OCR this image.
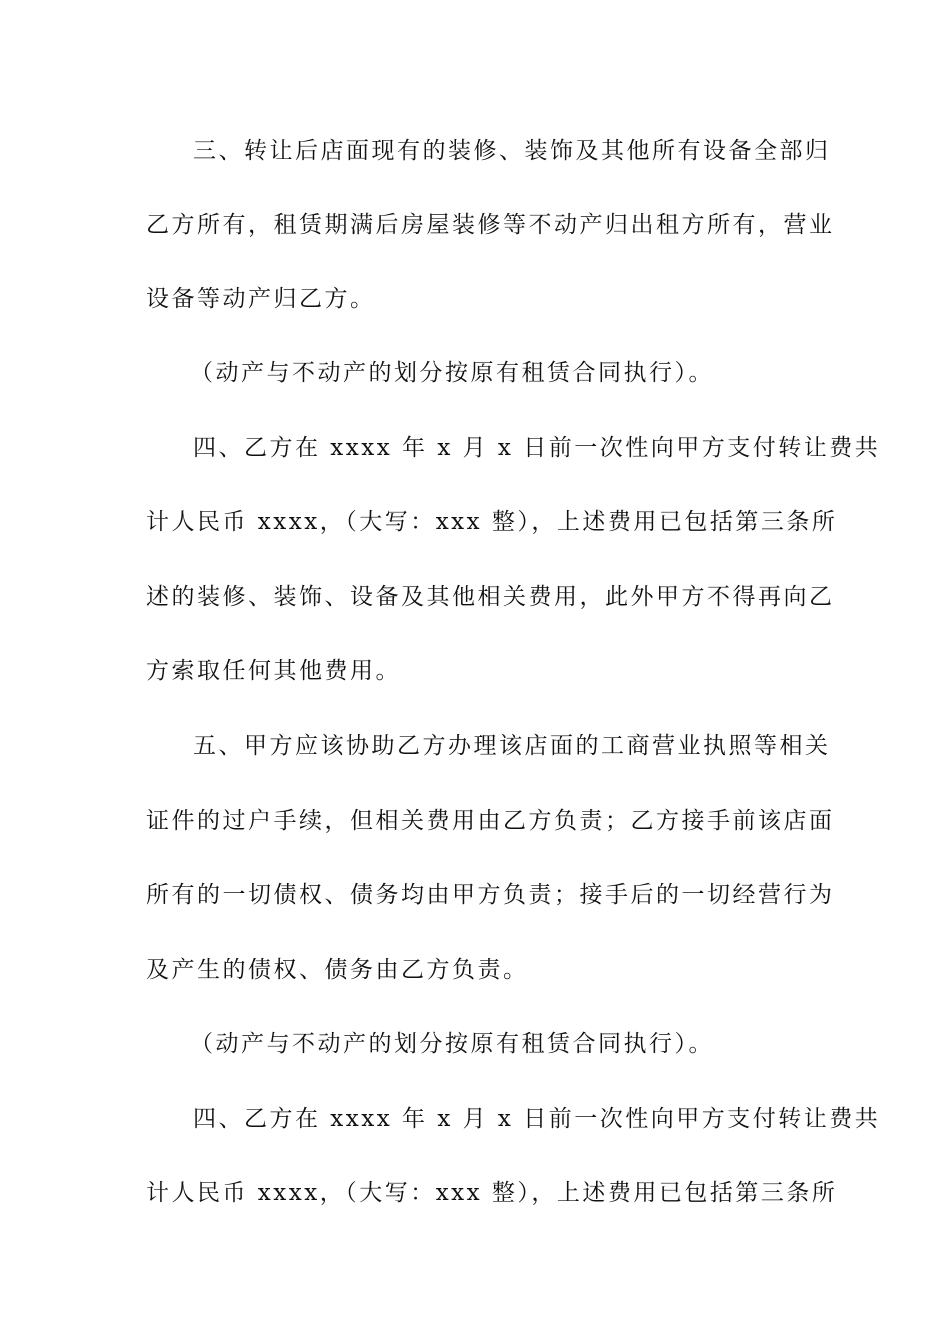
三、转让后店面现有的装修、装饰及其他所有设备全部归
乙方所有，租赁期满后房屋装修等不动产归出租方所有，营业
设备等动产归乙方。
（动产与不动产的划分按原有租赁合同执行）。
四、乙方在 xxxx 年 x 月 x 日前一次性向甲方支付转让费共
计人民币 xxxx，（大写：xxx 整），上述费用已包括第三条所
述的装修、装饰、设备及其他相关费用，此外甲方不得再向乙
方索取任何其他费用。
五、甲方应该协助乙方办理该店面的工商营业执照等相关
证件的过户手续，但相关费用由乙方负责；乙方接手前该店面
所有的一切债权、债务均由甲方负责；接手后的一切经营行为
及产生的债权、债务由乙方负责。
（动产与不动产的划分按原有租赁合同执行）。
四、乙方在 xxxx 年 x 月 x 日前一次性向甲方支付转让费共
计人民币 xxxx，（大写：xxx 整），上述费用已包括第三条所
